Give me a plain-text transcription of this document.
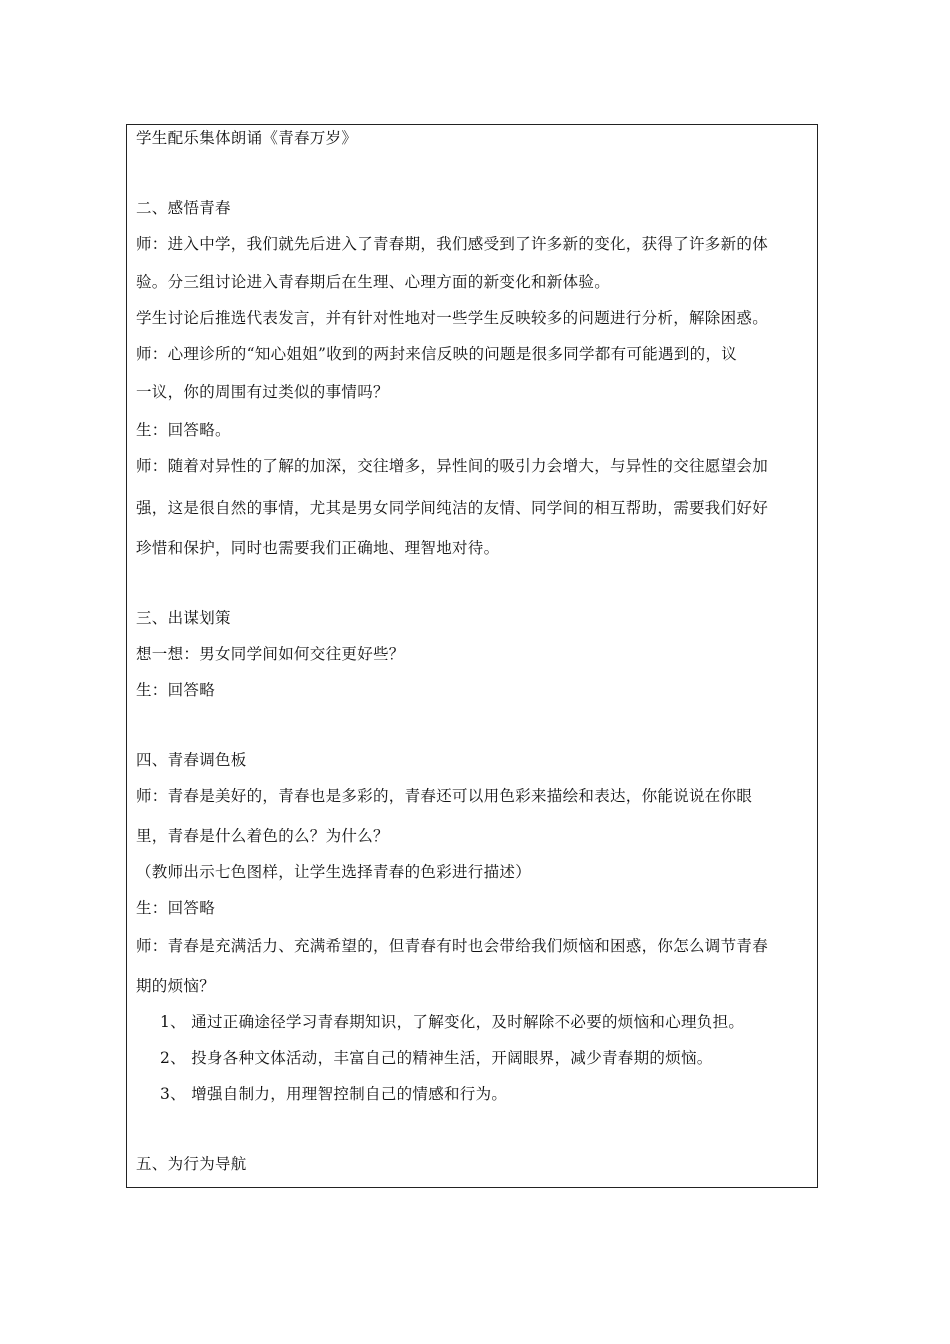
学生配乐集体朗诵《青春万岁》
二、感悟青春
师：进入中学，我们就先后进入了青春期，我们感受到了许多新的变化，获得了许多新的体
验。分三组讨论进入青春期后在生理、心理方面的新变化和新体验。
学生讨论后推选代表发言，并有针对性地对一些学生反映较多的问题进行分析，解除困惑。
师：心理诊所的“知心姐姐”收到的两封来信反映的问题是很多同学都有可能遇到的，议
一议，你的周围有过类似的事情吗？
生：回答略。
师：随着对异性的了解的加深，交往增多，异性间的吸引力会增大，与异性的交往愿望会加
强，这是很自然的事情，尤其是男女同学间纯洁的友情、同学间的相互帮助，需要我们好好
珍惜和保护，同时也需要我们正确地、理智地对待。
三、出谋划策
想一想：男女同学间如何交往更好些？
生：回答略
四、青春调色板
师：青春是美好的，青春也是多彩的，青春还可以用色彩来描绘和表达，你能说说在你眼
里，青春是什么着色的么？为什么？
（教师出示七色图样，让学生选择青春的色彩进行描述）
生：回答略
师：青春是充满活力、充满希望的，但青春有时也会带给我们烦恼和困惑，你怎么调节青春
期的烦恼？
1、 通过正确途径学习青春期知识，了解变化，及时解除不必要的烦恼和心理负担。
2、 投身各种文体活动，丰富自己的精神生活，开阔眼界，减少青春期的烦恼。
3、 增强自制力，用理智控制自己的情感和行为。
五、为行为导航
